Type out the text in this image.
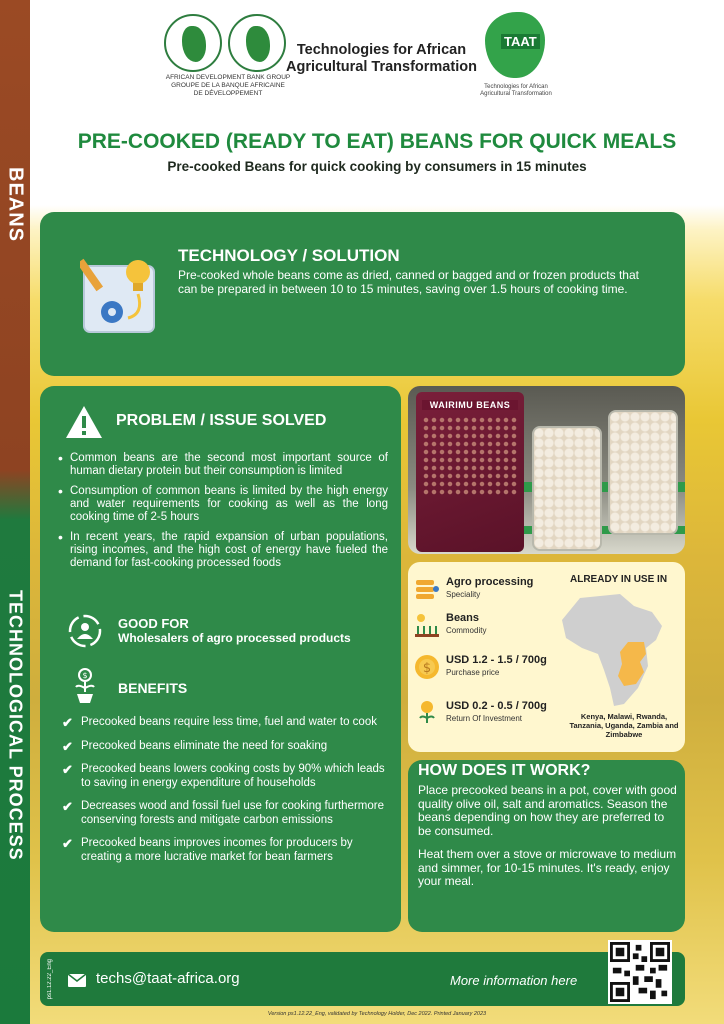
BEANS
TECHNOLOGICAL PROCESS
AFRICAN DEVELOPMENT BANK GROUP
GROUPE DE LA BANQUE AFRICAINE
DE DÉVELOPPEMENT
Technologies for African
Agricultural Transformation
TAAT
Technologies for African
Agricultural Transformation
PRE-COOKED (READY TO EAT) BEANS FOR QUICK MEALS
Pre-cooked Beans for quick cooking by consumers in 15 minutes
TECHNOLOGY / SOLUTION
Pre-cooked whole beans come as dried, canned or bagged and or frozen products that can be prepared in between 10 to 15 minutes, saving over 1.5 hours of cooking time.
PROBLEM / ISSUE SOLVED
• Common beans are the second most important source of human dietary protein but their consumption is limited
• Consumption of common beans is limited by the high energy and water requirements for cooking as well as the long cooking time of 2-5 hours
• In recent years, the rapid expansion of urban populations, rising incomes, and the high cost of energy have fueled the demand for fast-cooking processed foods
GOOD FOR
Wholesalers of agro processed products
$
BENEFITS
✔ Precooked beans require less time, fuel and water to cook
✔ Precooked beans eliminate the need for soaking
✔ Precooked beans lowers cooking costs by 90% which leads to saving in energy expenditure of households
✔ Decreases wood and fossil fuel use for cooking furthermore conserving forests and mitigate carbon emissions
✔ Precooked beans improves incomes for producers by creating a more lucrative market for bean farmers
WAIRIMU BEANS
Agro processing
Speciality
Beans
Commodity
$
USD 1.2 - 1.5 / 700g
Purchase price
USD 0.2 - 0.5 / 700g
Return Of Investment
ALREADY IN USE IN
Kenya, Malawi, Rwanda, Tanzania, Uganda, Zambia and Zimbabwe
HOW DOES IT WORK?
Place precooked beans in a pot, cover with good quality olive oil, salt and aromatics. Season the beans depending on how they are preferred to be consumed.
Heat them over a stove or microwave to medium and simmer, for 10-15 minutes. It's ready, enjoy your meal.
ps1.12.22_Eng	techs@taat-africa.org	More information here
Version ps1.12.22_Eng, validated by Technology Holder, Dec 2022. Printed January 2023
